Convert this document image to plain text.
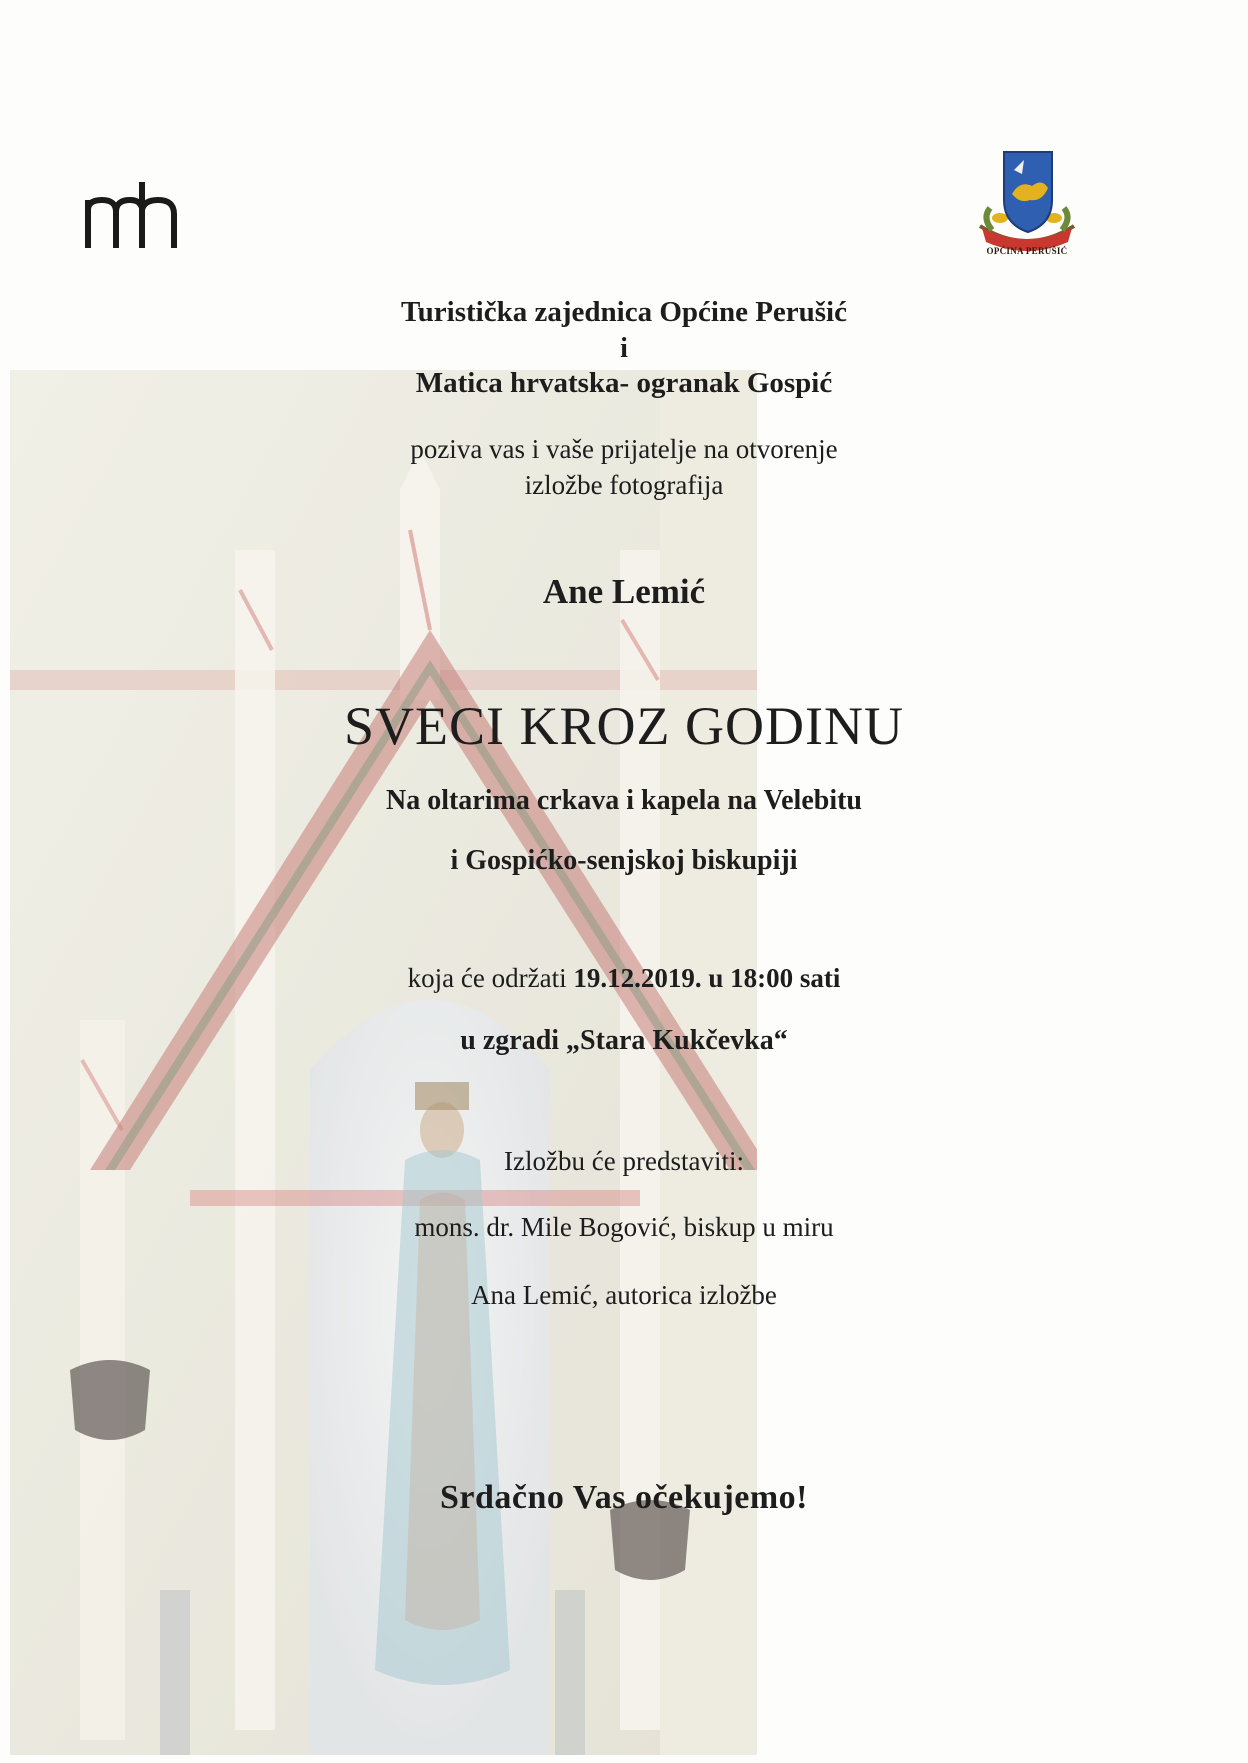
OPĆINA PERUŠIĆ
Turistička zajednica Općine Perušić
i
Matica hrvatska- ogranak Gospić
poziva vas i vaše prijatelje na otvorenje
izložbe fotografija
Ane Lemić
SVECI KROZ GODINU
Na oltarima crkava i kapela na Velebitu
i Gospićko-senjskoj biskupiji
koja će održati 19.12.2019. u 18:00 sati
u zgradi „Stara Kukčevka“
Izložbu će predstaviti:
mons. dr. Mile Bogović, biskup u miru
Ana Lemić, autorica izložbe
Srdačno Vas očekujemo!
